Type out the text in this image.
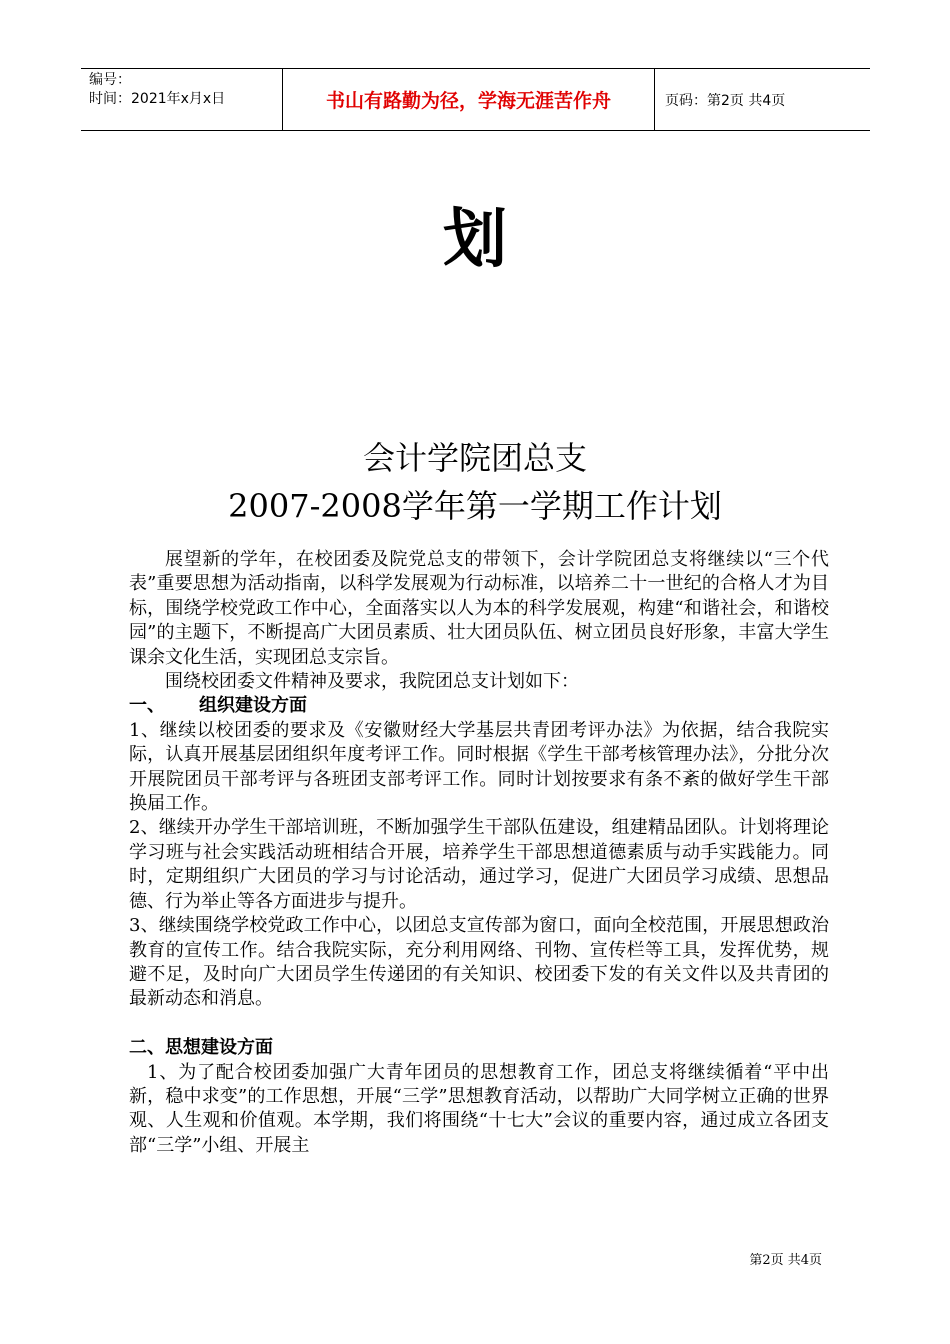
编号：
时间：2021年x月x日	书山有路勤为径，学海无涯苦作舟	页码：第2页 共4页
划
会计学院团总支
2007-2008学年第一学期工作计划

展望新的学年，在校团委及院党总支的带领下，会计学院团总支将继续以“三个代表”重要思想为活动指南，以科学发展观为行动标准，以培养二十一世纪的合格人才为目标，围绕学校党政工作中心，全面落实以人为本的科学发展观，构建“和谐社会，和谐校园”的主题下，不断提高广大团员素质、壮大团员队伍、树立团员良好形象，丰富大学生课余文化生活，实现团总支宗旨。

围绕校团委文件精神及要求，我院团总支计划如下：

一、 组织建设方面

1、继续以校团委的要求及《安徽财经大学基层共青团考评办法》为依据，结合我院实际，认真开展基层团组织年度考评工作。同时根据《学生干部考核管理办法》，分批分次开展院团员干部考评与各班团支部考评工作。同时计划按要求有条不紊的做好学生干部换届工作。

2、继续开办学生干部培训班，不断加强学生干部队伍建设，组建精品团队。计划将理论学习班与社会实践活动班相结合开展，培养学生干部思想道德素质与动手实践能力。同时，定期组织广大团员的学习与讨论活动，通过学习，促进广大团员学习成绩、思想品德、行为举止等各方面进步与提升。

3、继续围绕学校党政工作中心，以团总支宣传部为窗口，面向全校范围，开展思想政治教育的宣传工作。结合我院实际，充分利用网络、刊物、宣传栏等工具，发挥优势，规避不足，及时向广大团员学生传递团的有关知识、校团委下发的有关文件以及共青团的最新动态和消息。

二、思想建设方面

1、为了配合校团委加强广大青年团员的思想教育工作，团总支将继续循着“平中出新，稳中求变”的工作思想，开展“三学”思想教育活动，以帮助广大同学树立正确的世界观、人生观和价值观。本学期，我们将围绕“十七大”会议的重要内容，通过成立各团支部“三学”小组、开展主

第2页 共4页
